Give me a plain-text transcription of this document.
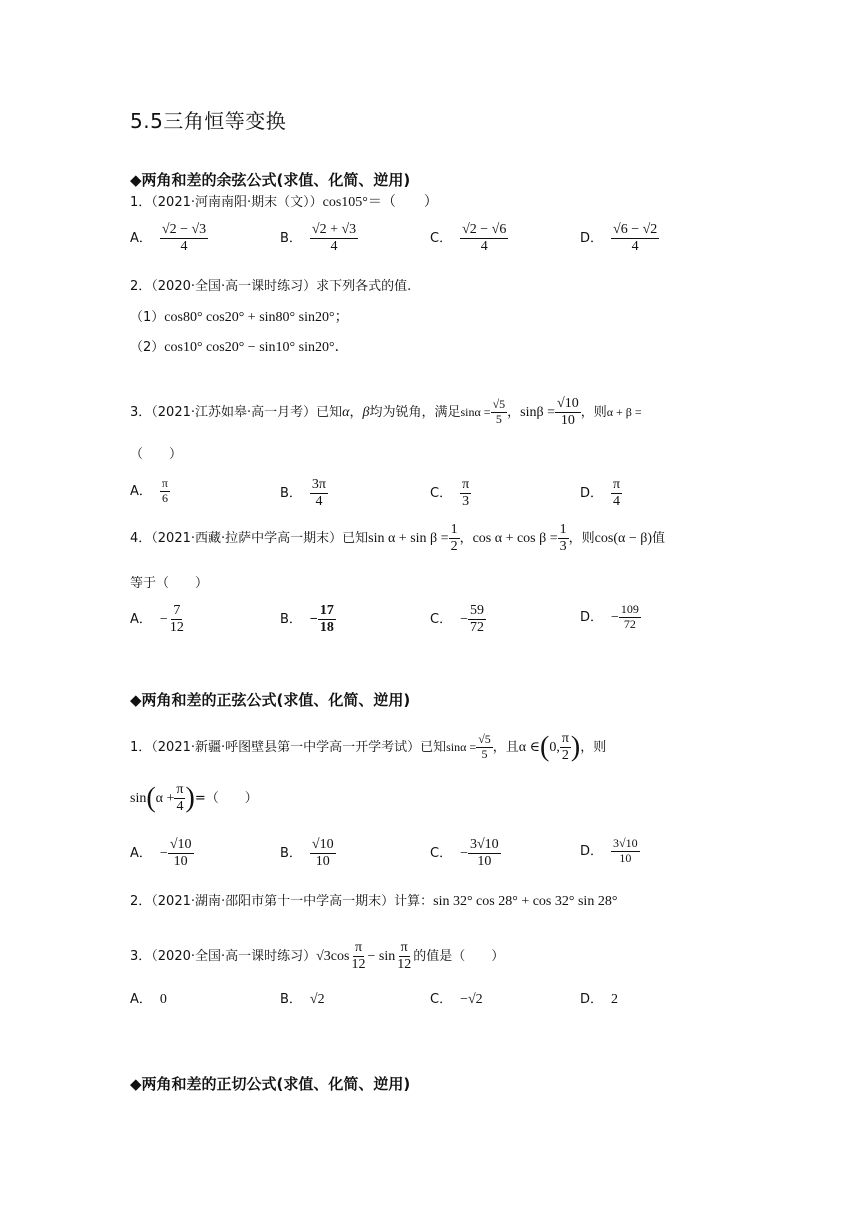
5.5三角恒等变换
◆两角和差的余弦公式(求值、化简、逆用)
1．（2021·河南南阳·期末（文））cos105°＝（　　）
A． $\frac{√2 - √3}{4}$	B． $\frac{√2 + √3}{4}$	C． $\frac{√2 - √6}{4}$	D． $\frac{√6 - √2}{4}$
2．（2020·全国·高一课时练习）求下列各式的值.
（1）cos80° cos20° + sin80° sin20°；
（2）cos10° cos20° − sin10° sin20°．
3．（2021·江苏如皋·高一月考）已知α，β均为锐角，满足$\sin\alpha = \frac{√5}{5}$ ，$\sin\beta = \frac{√10}{10}$ ，则α + β =
（　　）
A． $\frac{\pi}{6}$	B． $\frac{3\pi}{4}$	C． $\frac{\pi}{3}$	D． $\frac{\pi}{4}$
4．（2021·西藏·拉萨中学高一期末）已知$\sin \alpha + \sin \beta = \frac{1}{2}$ ，$\cos \alpha + \cos \beta = \frac{1}{3}$ ，则cos(α − β)值
等于（　　）
A． − $\frac{7}{12}$	B． − $\frac{17}{18}$	C． − $\frac{59}{72}$	D． − $\frac{109}{72}$
◆两角和差的正弦公式(求值、化简、逆用)
1．（2021·新疆·呼图壁县第一中学高一开学考试）已知$\sin\alpha = \frac{√5}{5}$ ，且α ∈(0, $\frac{\pi}{2}$ )，则
$\sin(\alpha + \frac{\pi}{4}$ )=（　　）
A． − $\frac{√10}{10}$	B． $\frac{√10}{10}$	C． − $\frac{3√10}{10}$	D． $\frac{3√10}{10}$
2．（2021·湖南·邵阳市第十一中学高一期末）计算：sin 32° cos 28° + cos 32° sin 28°
3．（2020·全国·高一课时练习）$√3\cos \frac{\pi}{12} - \sin \frac{\pi}{12}$ 的值是（　　）
A． 0	B． √2	C． −√2	D． 2
◆两角和差的正切公式(求值、化简、逆用)
